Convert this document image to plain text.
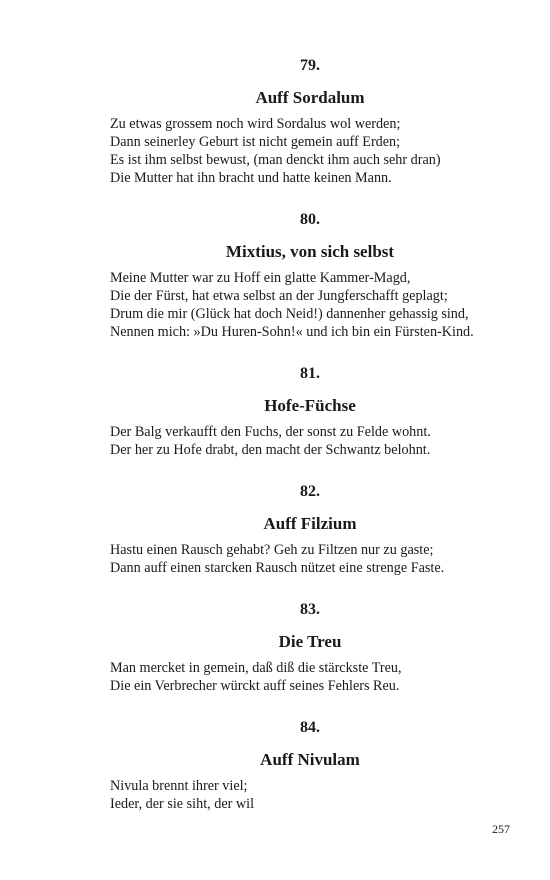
79.
Auff Sordalum
Zu etwas grossem noch wird Sordalus wol werden;
Dann seinerley Geburt ist nicht gemein auff Erden;
Es ist ihm selbst bewust, (man denckt ihm auch sehr dran)
Die Mutter hat ihn bracht und hatte keinen Mann.
80.
Mixtius, von sich selbst
Meine Mutter war zu Hoff ein glatte Kammer-Magd,
Die der Fürst, hat etwa selbst an der Jungferschafft geplagt;
Drum die mir (Glück hat doch Neid!) dannenher gehassig sind,
Nennen mich: »Du Huren-Sohn!« und ich bin ein Fürsten-Kind.
81.
Hofe-Füchse
Der Balg verkaufft den Fuchs, der sonst zu Felde wohnt.
Der her zu Hofe drabt, den macht der Schwantz belohnt.
82.
Auff Filzium
Hastu einen Rausch gehabt? Geh zu Filtzen nur zu gaste;
Dann auff einen starcken Rausch nützet eine strenge Faste.
83.
Die Treu
Man mercket in gemein, daß diß die stärckste Treu,
Die ein Verbrecher würckt auff seines Fehlers Reu.
84.
Auff Nivulam
Nivula brennt ihrer viel;
Ieder, der sie siht, der wil
257
